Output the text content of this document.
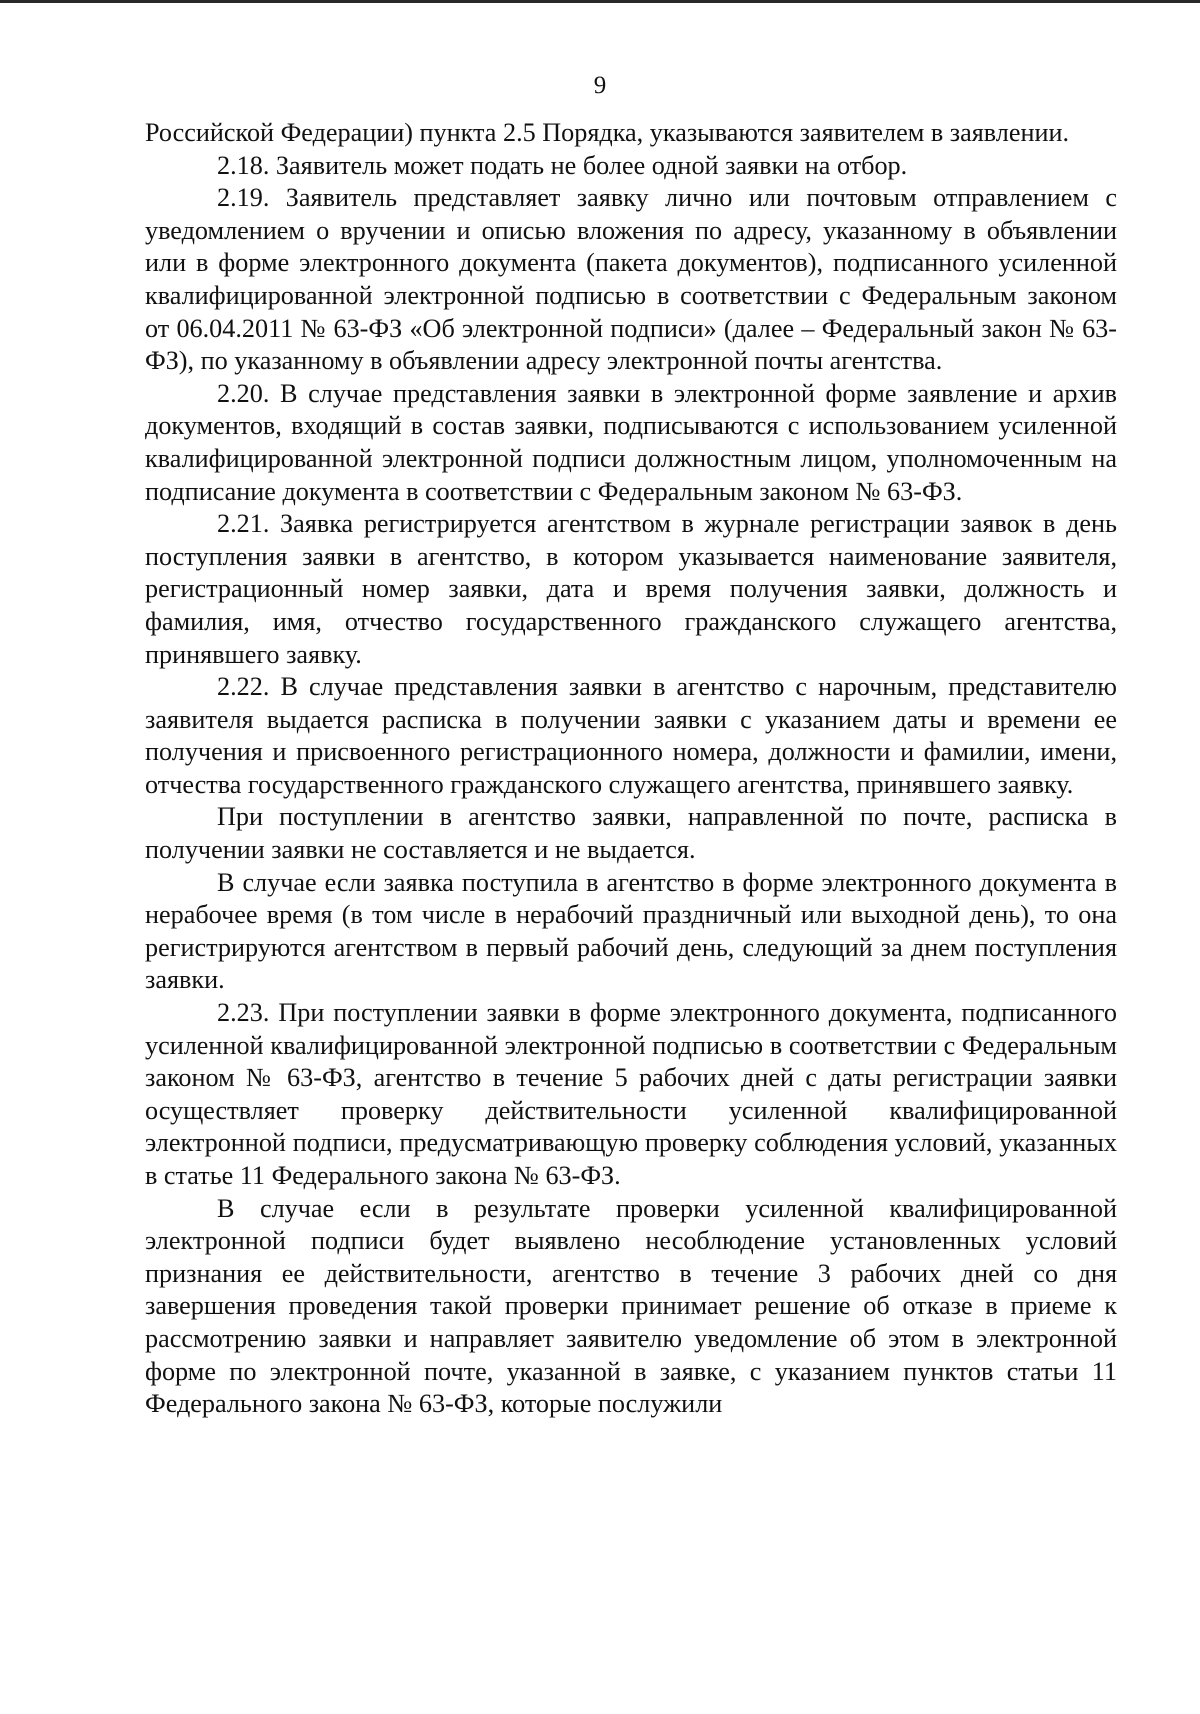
9

Российской Федерации) пункта 2.5 Порядка, указываются заявителем в заявлении.

2.18. Заявитель может подать не более одной заявки на отбор.

2.19. Заявитель представляет заявку лично или почтовым отправлением с уведомлением о вручении и описью вложения по адресу, указанному в объявлении или в форме электронного документа (пакета документов), подписанного усиленной квалифицированной электронной подписью в соответствии с Федеральным законом от 06.04.2011 № 63-ФЗ «Об электронной подписи» (далее – Федеральный закон № 63-ФЗ), по указанному в объявлении адресу электронной почты агентства.

2.20. В случае представления заявки в электронной форме заявление и архив документов, входящий в состав заявки, подписываются с использованием усиленной квалифицированной электронной подписи должностным лицом, уполномоченным на подписание документа в соответствии с Федеральным законом № 63-ФЗ.

2.21. Заявка регистрируется агентством в журнале регистрации заявок в день поступления заявки в агентство, в котором указывается наименование заявителя, регистрационный номер заявки, дата и время получения заявки, должность и фамилия, имя, отчество государственного гражданского служащего агентства, принявшего заявку.

2.22. В случае представления заявки в агентство с нарочным, представителю заявителя выдается расписка в получении заявки с указанием даты и времени ее получения и присвоенного регистрационного номера, должности и фамилии, имени, отчества государственного гражданского служащего агентства, принявшего заявку.

При поступлении в агентство заявки, направленной по почте, расписка в получении заявки не составляется и не выдается.

В случае если заявка поступила в агентство в форме электронного документа в нерабочее время (в том числе в нерабочий праздничный или выходной день), то она регистрируются агентством в первый рабочий день, следующий за днем поступления заявки.

2.23. При поступлении заявки в форме электронного документа, подписанного усиленной квалифицированной электронной подписью в соответствии с Федеральным законом № 63-ФЗ, агентство в течение 5 рабочих дней с даты регистрации заявки осуществляет проверку действительности усиленной квалифицированной электронной подписи, предусматривающую проверку соблюдения условий, указанных в статье 11 Федерального закона № 63-ФЗ.

В случае если в результате проверки усиленной квалифицированной электронной подписи будет выявлено несоблюдение установленных условий признания ее действительности, агентство в течение 3 рабочих дней со дня завершения проведения такой проверки принимает решение об отказе в приеме к рассмотрению заявки и направляет заявителю уведомление об этом в электронной форме по электронной почте, указанной в заявке, с указанием пунктов статьи 11 Федерального закона № 63-ФЗ, которые послужили
